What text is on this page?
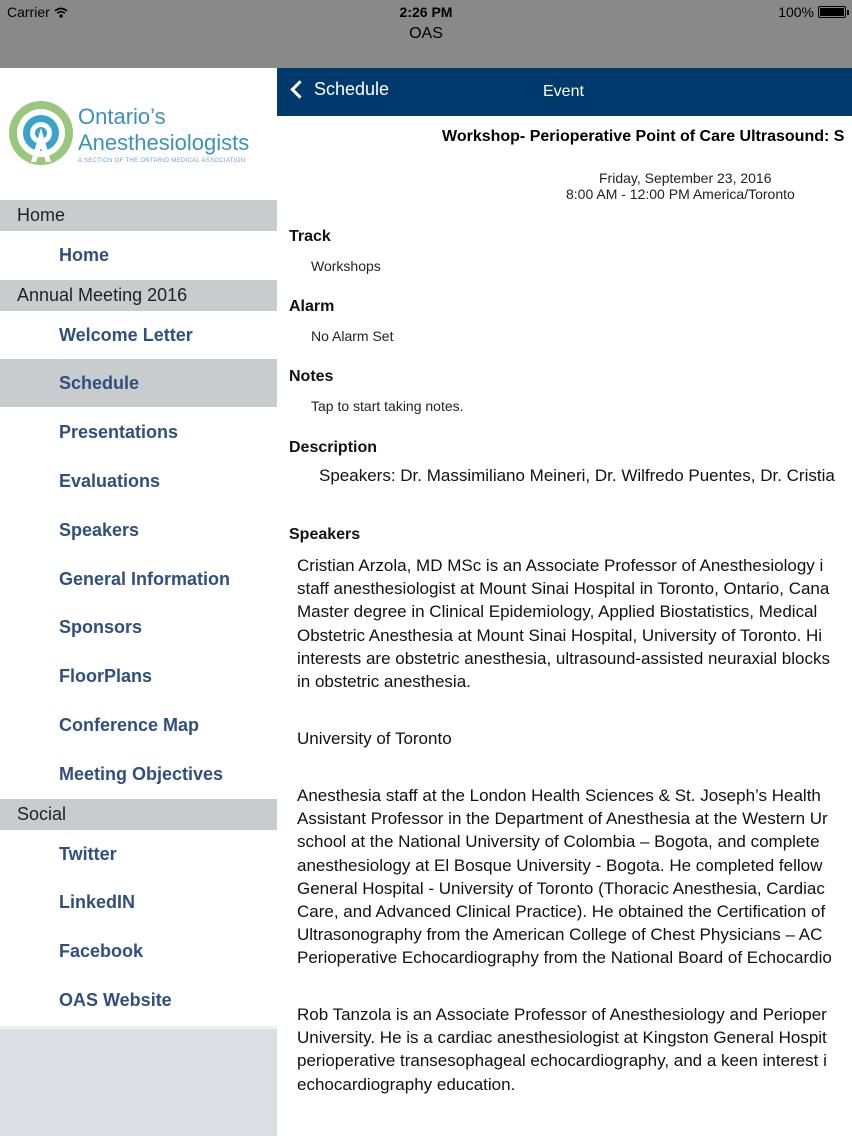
Carrier	2:26 PM	100%
OAS
Ontario’s
Anesthesiologists
A SECTION OF THE ONTARIO MEDICAL ASSOCIATION
Home
Home
Annual Meeting 2016
Welcome Letter
Schedule
Presentations
Evaluations
Speakers
General Information
Sponsors
FloorPlans
Conference Map
Meeting Objectives
Social
Twitter
LinkedIN
Facebook
OAS Website
Schedule	Event
Workshop- Perioperative Point of Care Ultrasound: S
Friday, September 23, 2016
8:00 AM - 12:00 PM America/Toronto
Track
Workshops
Alarm
No Alarm Set
Notes
Tap to start taking notes.
Description
Speakers: Dr. Massimiliano Meineri, Dr. Wilfredo Puentes, Dr. Cristia
Speakers
Cristian Arzola, MD MSc is an Associate Professor of Anesthesiology i
staff anesthesiologist at Mount Sinai Hospital in Toronto, Ontario, Cana
Master degree in Clinical Epidemiology, Applied Biostatistics, Medical
Obstetric Anesthesia at Mount Sinai Hospital, University of Toronto. Hi
interests are obstetric anesthesia, ultrasound-assisted neuraxial blocks
in obstetric anesthesia.
University of Toronto
Anesthesia staff at the London Health Sciences & St. Joseph’s Health
Assistant Professor in the Department of Anesthesia at the Western Ur
school at the National University of Colombia – Bogota, and complete
anesthesiology at El Bosque University - Bogota. He completed fellow
General Hospital - University of Toronto (Thoracic Anesthesia, Cardiac
Care, and Advanced Clinical Practice). He obtained the Certification of
Ultrasonography from the American College of Chest Physicians – AC
Perioperative Echocardiography from the National Board of Echocardio
Rob Tanzola is an Associate Professor of Anesthesiology and Perioper
University. He is a cardiac anesthesiologist at Kingston General Hospit
perioperative transesophageal echocardiography, and a keen interest i
echocardiography education.
